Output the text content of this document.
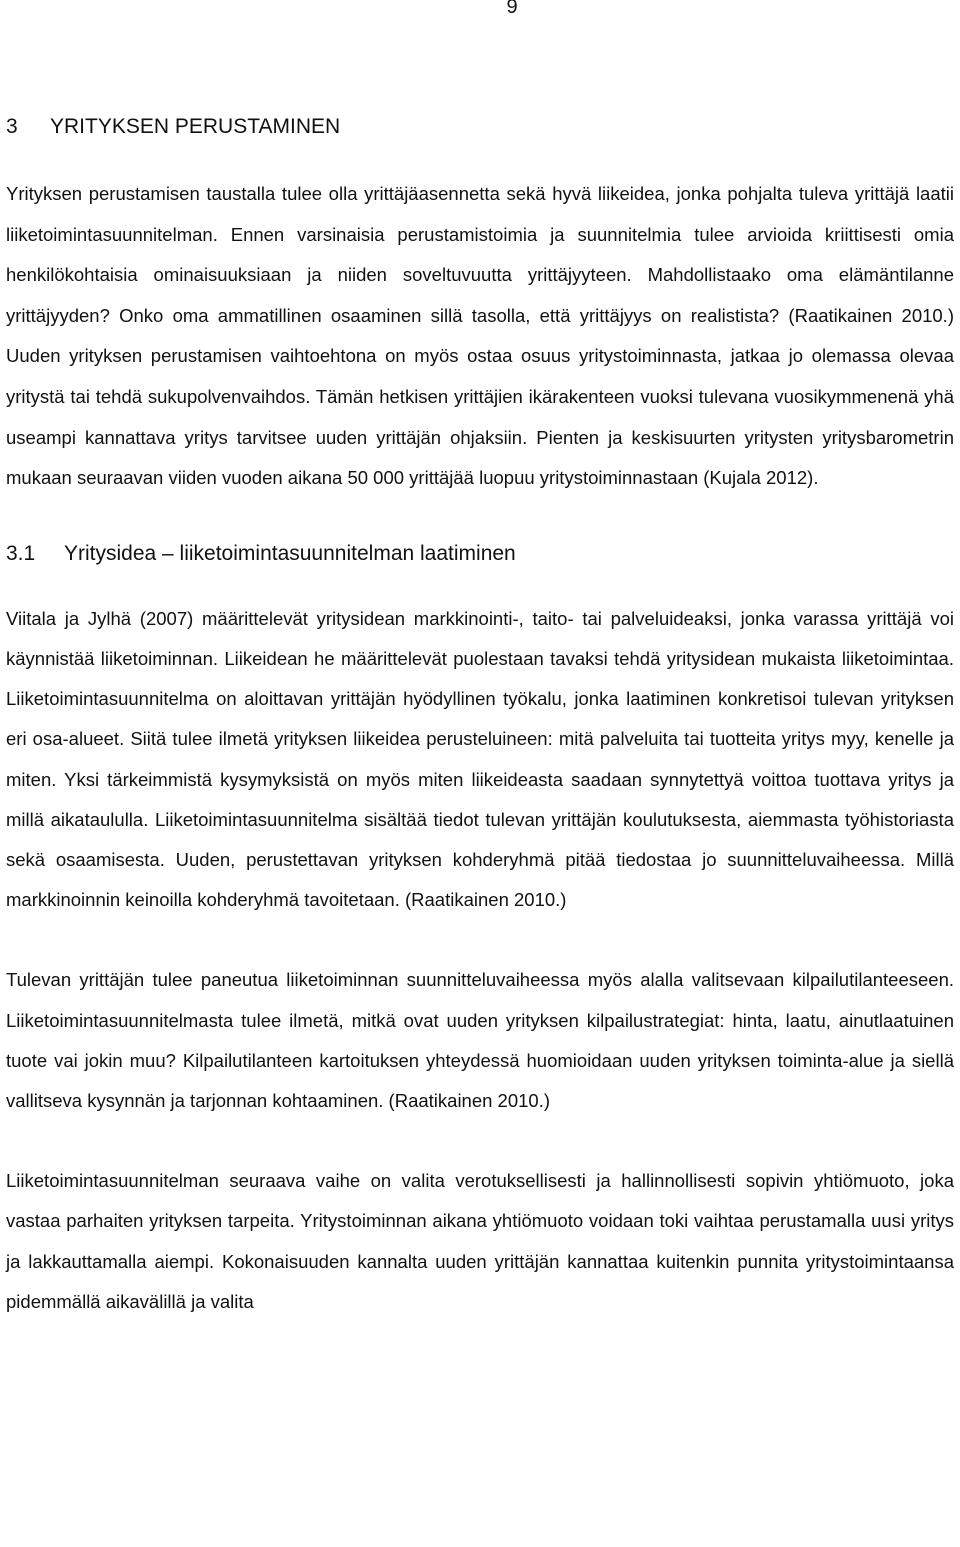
9
3 YRITYKSEN PERUSTAMINEN

Yrityksen perustamisen taustalla tulee olla yrittäjäasennetta sekä hyvä liikeidea, jonka pohjalta tuleva yrittäjä laatii liiketoimintasuunnitelman. Ennen varsinaisia perustamistoimia ja suunnitelmia tulee arvioida kriittisesti omia henkilökohtaisia ominaisuuksiaan ja niiden soveltuvuutta yrittäjyyteen. Mahdollistaako oma elämäntilanne yrittäjyyden? Onko oma ammatillinen osaaminen sillä tasolla, että yrittäjyys on realistista? (Raatikainen 2010.) Uuden yrityksen perustamisen vaihtoehtona on myös ostaa osuus yritystoiminnasta, jatkaa jo olemassa olevaa yritystä tai tehdä sukupolvenvaihdos. Tämän hetkisen yrittäjien ikärakenteen vuoksi tulevana vuosikymmenenä yhä useampi kannattava yritys tarvitsee uuden yrittäjän ohjaksiin. Pienten ja keskisuurten yritysten yritysbarometrin mukaan seuraavan viiden vuoden aikana 50 000 yrittäjää luopuu yritystoiminnastaan (Kujala 2012).

3.1 Yritysidea – liiketoimintasuunnitelman laatiminen

Viitala ja Jylhä (2007) määrittelevät yritysidean markkinointi-, taito- tai palveluideaksi, jonka varassa yrittäjä voi käynnistää liiketoiminnan. Liikeidean he määrittelevät puolestaan tavaksi tehdä yritysidean mukaista liiketoimintaa. Liiketoimintasuunnitelma on aloittavan yrittäjän hyödyllinen työkalu, jonka laatiminen konkretisoi tulevan yrityksen eri osa-alueet. Siitä tulee ilmetä yrityksen liikeidea perusteluineen: mitä palveluita tai tuotteita yritys myy, kenelle ja miten. Yksi tärkeimmistä kysymyksistä on myös miten liikeideasta saadaan synnytettyä voittoa tuottava yritys ja millä aikataululla. Liiketoimintasuunnitelma sisältää tiedot tulevan yrittäjän koulutuksesta, aiemmasta työhistoriasta sekä osaamisesta. Uuden, perustettavan yrityksen kohderyhmä pitää tiedostaa jo suunnitteluvaiheessa. Millä markkinoinnin keinoilla kohderyhmä tavoitetaan. (Raatikainen 2010.)

Tulevan yrittäjän tulee paneutua liiketoiminnan suunnitteluvaiheessa myös alalla valitsevaan kilpailutilanteeseen. Liiketoimintasuunnitelmasta tulee ilmetä, mitkä ovat uuden yrityksen kilpailustrategiat: hinta, laatu, ainutlaatuinen tuote vai jokin muu? Kilpailutilanteen kartoituksen yhteydessä huomioidaan uuden yrityksen toiminta-alue ja siellä vallitseva kysynnän ja tarjonnan kohtaaminen. (Raatikainen 2010.)

Liiketoimintasuunnitelman seuraava vaihe on valita verotuksellisesti ja hallinnollisesti sopivin yhtiömuoto, joka vastaa parhaiten yrityksen tarpeita. Yritystoiminnan aikana yhtiömuoto voidaan toki vaihtaa perustamalla uusi yritys ja lakkauttamalla aiempi. Kokonaisuuden kannalta uuden yrittäjän kannattaa kuitenkin punnita yritystoimintaansa pidemmällä aikavälillä ja valita
